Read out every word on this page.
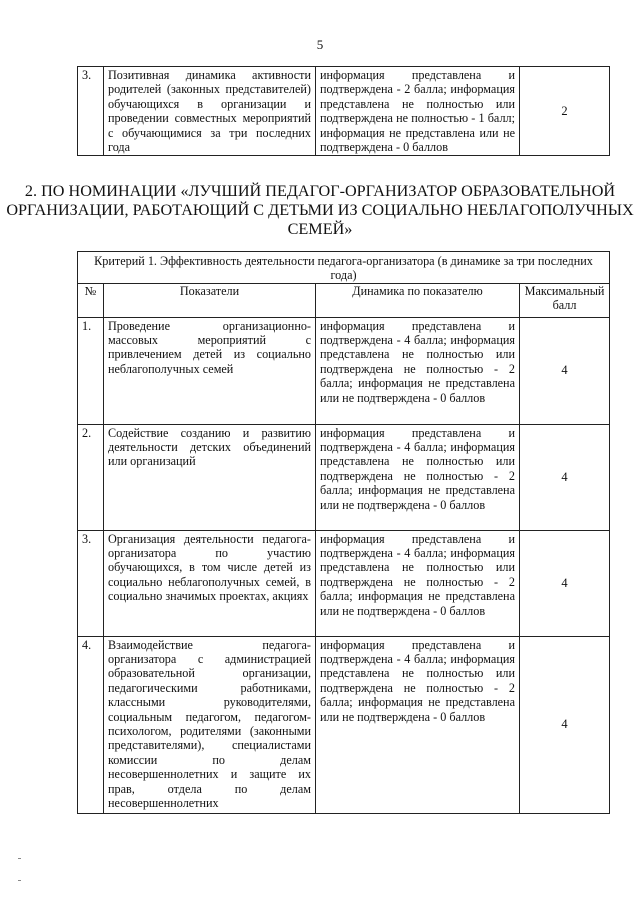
5
3.	Позитивная динамика активности родителей (законных представителей) обучающихся в организации и проведении совместных мероприятий с обучающимися за три последних года	информация представлена и подтверждена - 2 балла; информация представлена не полностью или подтверждена не полностью - 1 балл; информация не представлена или не подтверждена - 0 баллов	2
2. ПО НОМИНАЦИИ «ЛУЧШИЙ ПЕДАГОГ-ОРГАНИЗАТОР ОБРАЗОВАТЕЛЬНОЙ ОРГАНИЗАЦИИ, РАБОТАЮЩИЙ С ДЕТЬМИ ИЗ СОЦИАЛЬНО НЕБЛАГОПОЛУЧНЫХ СЕМЕЙ»
Критерий 1. Эффективность деятельности педагога-организатора (в динамике за три последних года)			
№	Показатели	Динамика по показателю	Максимальный балл
1.	Проведение организационно-массовых мероприятий с привлечением детей из социально неблагополучных семей	информация представлена и подтверждена - 4 балла; информация представлена не полностью или подтверждена не полностью - 2 балла; информация не представлена или не подтверждена - 0 баллов	4
2.	Содействие созданию и развитию деятельности детских объединений или организаций	информация представлена и подтверждена - 4 балла; информация представлена не полностью или подтверждена не полностью - 2 балла; информация не представлена или не подтверждена - 0 баллов	4
3.	Организация деятельности педагога-организатора по участию обучающихся, в том числе детей из социально неблагополучных семей, в социально значимых проектах, акциях	информация представлена и подтверждена - 4 балла; информация представлена не полностью или подтверждена не полностью - 2 балла; информация не представлена или не подтверждена - 0 баллов	4
4.	Взаимодействие педагога-организатора с администрацией образовательной организации, педагогическими работниками, классными руководителями, социальным педагогом, педагогом-психологом, родителями (законными представителями), специалистами комиссии по делам несовершеннолетних и защите их прав, отдела по делам несовершеннолетних	информация представлена и подтверждена - 4 балла; информация представлена не полностью или подтверждена не полностью - 2 балла; информация не представлена или не подтверждена - 0 баллов	4
